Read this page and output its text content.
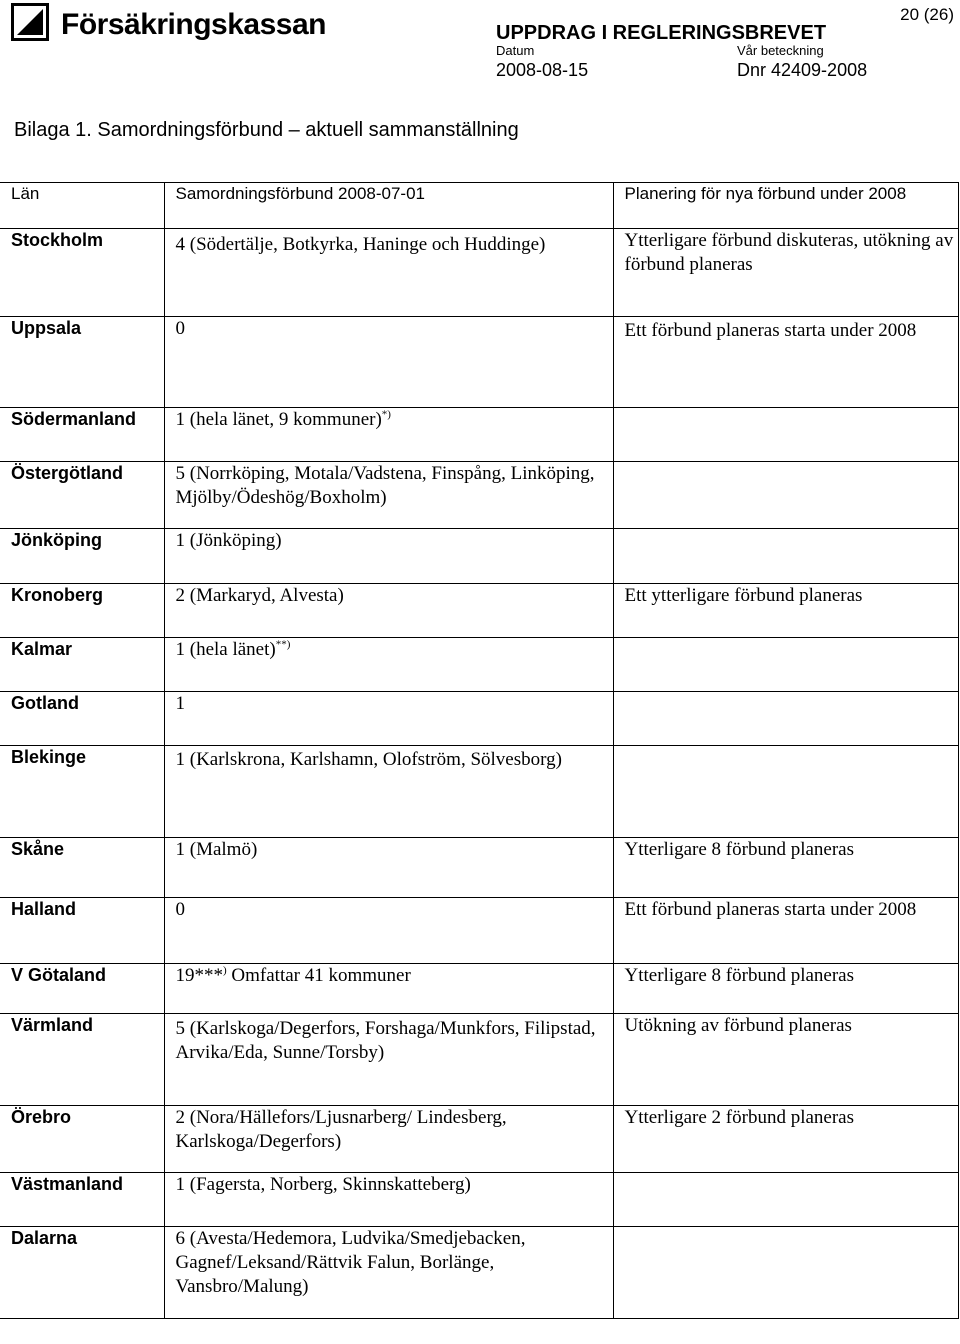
Försäkringskassan	20 (26)
UPPDRAG I REGLERINGSBREVET
Datum
2008-08-15
Vår beteckning
Dnr 42409-2008
Bilaga 1. Samordningsförbund – aktuell sammanställning
Län	Samordningsförbund 2008-07-01	Planering för nya förbund under 2008
Stockholm	4 (Södertälje, Botkyrka, Haninge och Huddinge)	Ytterligare förbund diskuteras, utökning av förbund planeras
Uppsala	0	Ett förbund planeras starta under 2008
Södermanland	1 (hela länet, 9 kommuner)*)	
Östergötland	5 (Norrköping, Motala/Vadstena, Finspång, Linköping, Mjölby/Ödeshög/Boxholm)	
Jönköping	1 (Jönköping)	
Kronoberg	2 (Markaryd, Alvesta)	Ett ytterligare förbund planeras
Kalmar	1 (hela länet)**)	
Gotland	1	
Blekinge	1 (Karlskrona, Karlshamn, Olofström, Sölvesborg)	
Skåne	1 (Malmö)	Ytterligare 8 förbund planeras
Halland	0	Ett förbund planeras starta under 2008
V Götaland	19***) Omfattar 41 kommuner	Ytterligare 8 förbund planeras
Värmland	5 (Karlskoga/Degerfors, Forshaga/Munkfors, Filipstad, Arvika/Eda, Sunne/Torsby)	Utökning av förbund planeras
Örebro	2 (Nora/Hällefors/Ljusnarberg/ Lindesberg, Karlskoga/Degerfors)	Ytterligare 2 förbund planeras
Västmanland	1 (Fagersta, Norberg, Skinnskatteberg)	
Dalarna	6 (Avesta/Hedemora, Ludvika/Smedjebacken, Gagnef/Leksand/Rättvik Falun, Borlänge, Vansbro/Malung)	
